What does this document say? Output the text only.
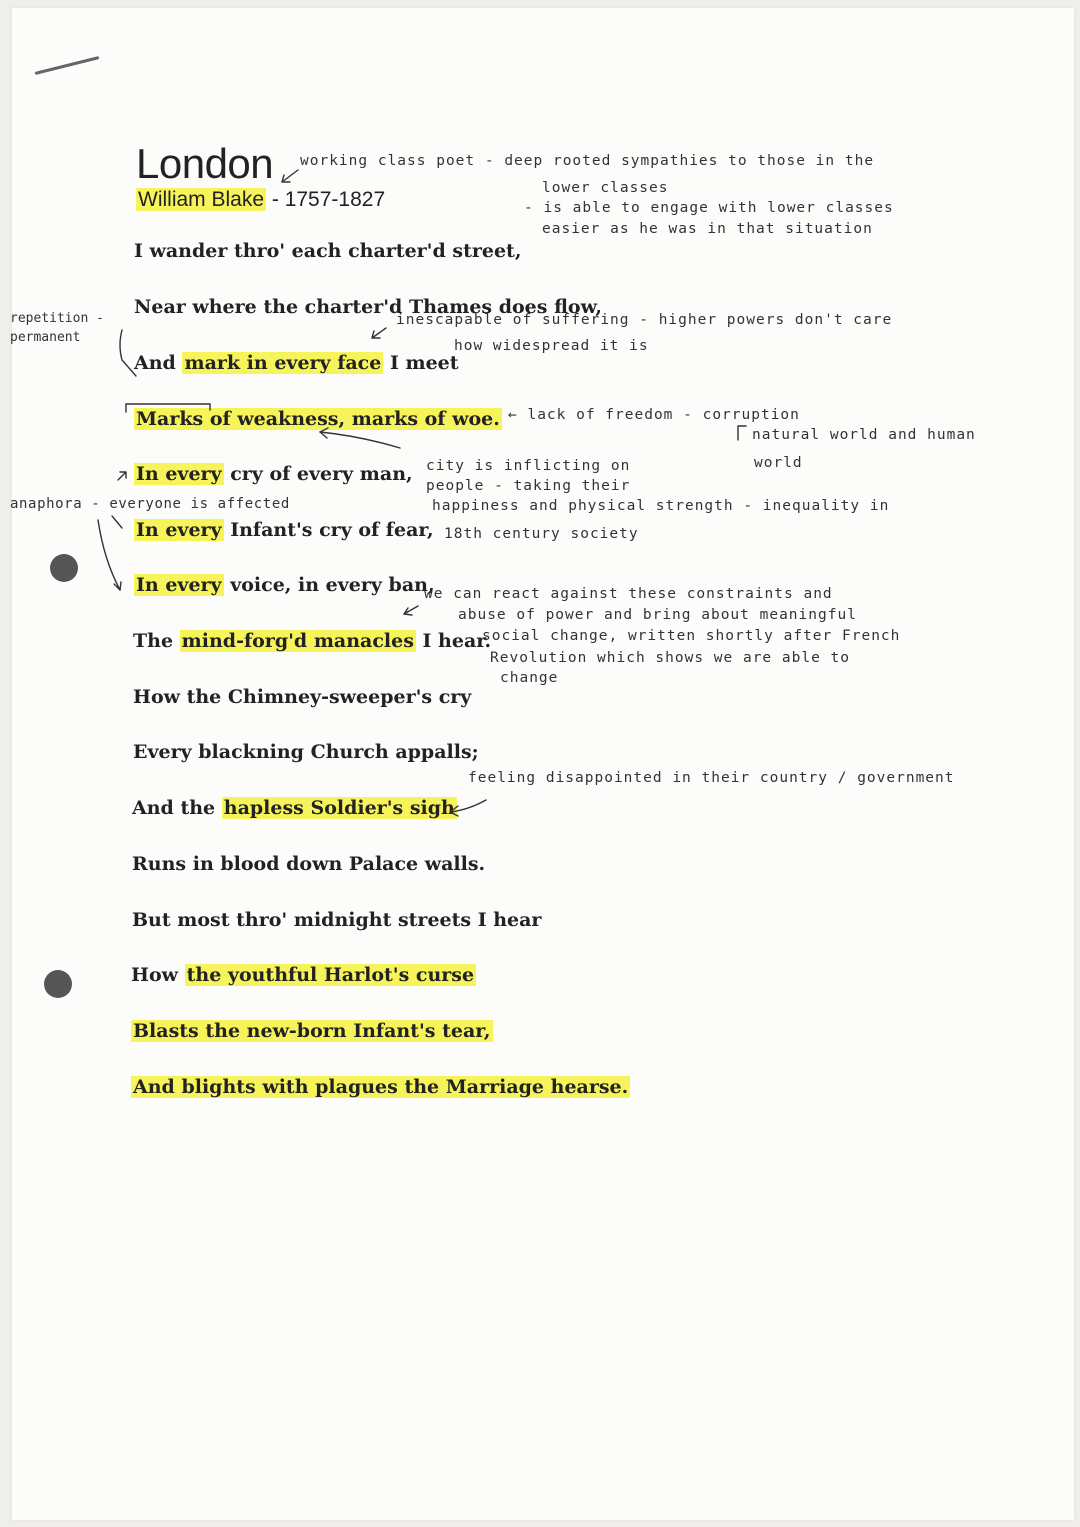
London
William Blake - 1757-1827
I wander thro' each charter'd street,
Near where the charter'd Thames does flow,
And mark in every face I meet
Marks of weakness, marks of woe.
In every cry of every man,
In every Infant's cry of fear,
In every voice, in every ban,
The mind-forg'd manacles I hear.
How the Chimney-sweeper's cry
Every blackning Church appalls;
And the hapless Soldier's sigh
Runs in blood down Palace walls.
But most thro' midnight streets I hear
How the youthful Harlot's curse
Blasts the new-born Infant's tear,
And blights with plagues the Marriage hearse.
working class poet - deep rooted sympathies to those in the
lower classes
- is able to engage with lower classes
easier as he was in that situation
repetition -
permanent
inescapable of suffering - higher powers don't care
how widespread it is
← lack of freedom - corruption
natural world and human
world
city is inflicting on
people - taking their
happiness and physical strength - inequality in
18th century society
anaphora - everyone is affected
we can react against these constraints and
abuse of power and bring about meaningful
social change, written shortly after French
Revolution which shows we are able to
change
feeling disappointed in their country / government
